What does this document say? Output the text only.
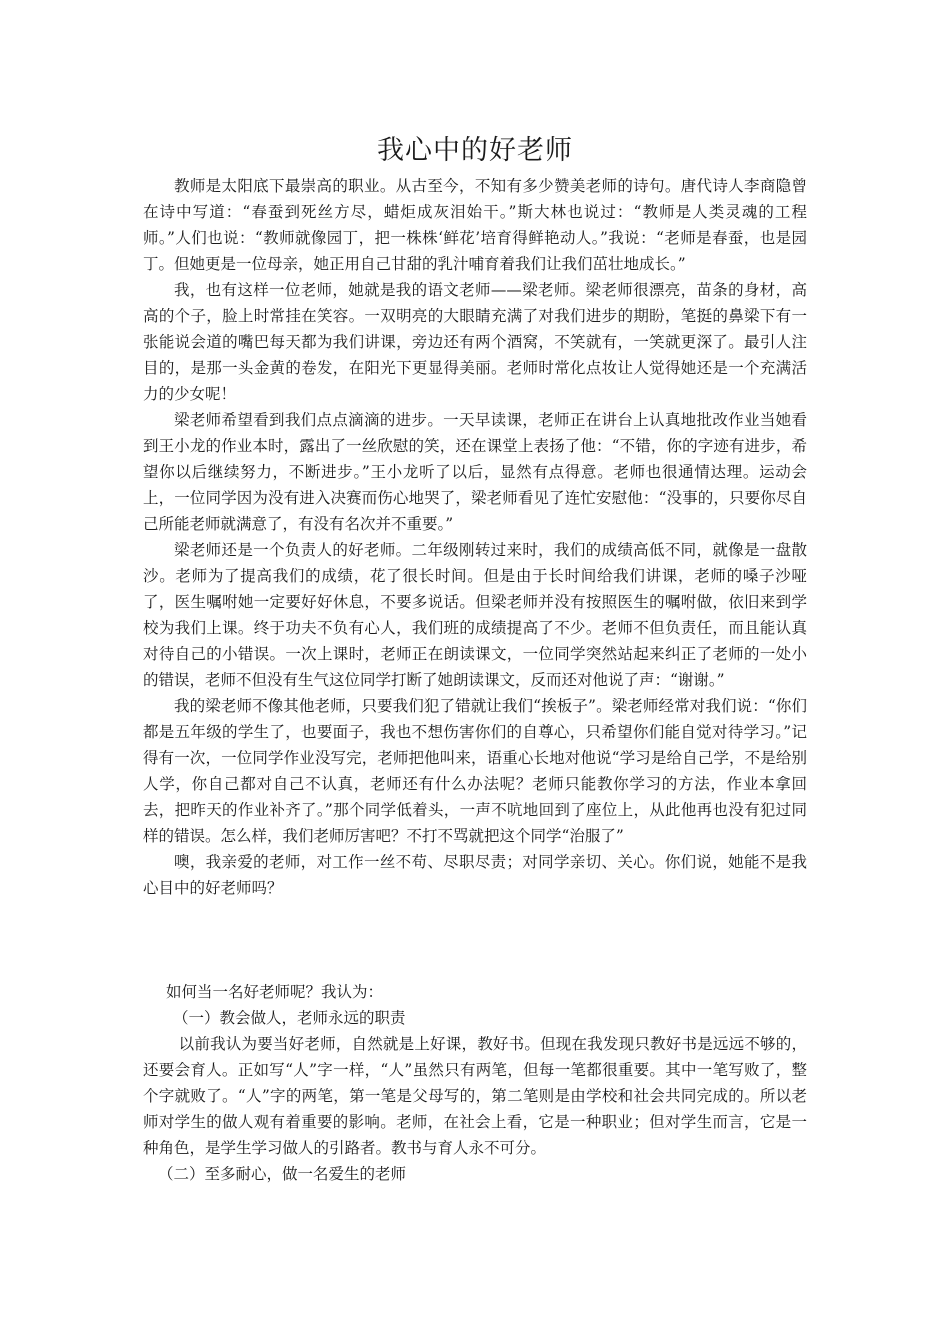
我心中的好老师

教师是太阳底下最崇高的职业。从古至今，不知有多少赞美老师的诗句。唐代诗人李商隐曾在诗中写道：“春蚕到死丝方尽，蜡炬成灰泪始干。”斯大林也说过：“教师是人类灵魂的工程师。”人们也说：“教师就像园丁，把一株株‘鲜花’培育得鲜艳动人。”我说：“老师是春蚕，也是园丁。但她更是一位母亲，她正用自己甘甜的乳汁哺育着我们让我们茁壮地成长。”

我，也有这样一位老师，她就是我的语文老师——梁老师。梁老师很漂亮，苗条的身材，高高的个子，脸上时常挂在笑容。一双明亮的大眼睛充满了对我们进步的期盼，笔挺的鼻梁下有一张能说会道的嘴巴每天都为我们讲课，旁边还有两个酒窝，不笑就有，一笑就更深了。最引人注目的，是那一头金黄的卷发，在阳光下更显得美丽。老师时常化点妆让人觉得她还是一个充满活力的少女呢！

梁老师希望看到我们点点滴滴的进步。一天早读课，老师正在讲台上认真地批改作业当她看到王小龙的作业本时，露出了一丝欣慰的笑，还在课堂上表扬了他：“不错，你的字迹有进步，希望你以后继续努力，不断进步。”王小龙听了以后，显然有点得意。老师也很通情达理。运动会上，一位同学因为没有进入决赛而伤心地哭了，梁老师看见了连忙安慰他：“没事的，只要你尽自己所能老师就满意了，有没有名次并不重要。”

梁老师还是一个负责人的好老师。二年级刚转过来时，我们的成绩高低不同，就像是一盘散沙。老师为了提高我们的成绩，花了很长时间。但是由于长时间给我们讲课，老师的嗓子沙哑了，医生嘱咐她一定要好好休息，不要多说话。但梁老师并没有按照医生的嘱咐做，依旧来到学校为我们上课。终于功夫不负有心人，我们班的成绩提高了不少。老师不但负责任，而且能认真对待自己的小错误。一次上课时，老师正在朗读课文，一位同学突然站起来纠正了老师的一处小的错误，老师不但没有生气这位同学打断了她朗读课文，反而还对他说了声：“谢谢。”

我的梁老师不像其他老师，只要我们犯了错就让我们“挨板子”。梁老师经常对我们说：“你们都是五年级的学生了，也要面子，我也不想伤害你们的自尊心，只希望你们能自觉对待学习。”记得有一次，一位同学作业没写完，老师把他叫来，语重心长地对他说“学习是给自己学，不是给别人学，你自己都对自己不认真，老师还有什么办法呢？老师只能教你学习的方法，作业本拿回去，把昨天的作业补齐了。”那个同学低着头，一声不吭地回到了座位上，从此他再也没有犯过同样的错误。怎么样，我们老师厉害吧？不打不骂就把这个同学“治服了”

噢，我亲爱的老师，对工作一丝不苟、尽职尽责；对同学亲切、关心。你们说，她能不是我心目中的好老师吗？

如何当一名好老师呢？我认为：

（一）教会做人，老师永远的职责

以前我认为要当好老师，自然就是上好课，教好书。但现在我发现只教好书是远远不够的，还要会育人。正如写“人”字一样，“人”虽然只有两笔，但每一笔都很重要。其中一笔写败了，整个字就败了。“人”字的两笔，第一笔是父母写的，第二笔则是由学校和社会共同完成的。所以老师对学生的做人观有着重要的影响。老师，在社会上看，它是一种职业；但对学生而言，它是一种角色，是学生学习做人的引路者。教书与育人永不可分。

（二）至多耐心，做一名爱生的老师
